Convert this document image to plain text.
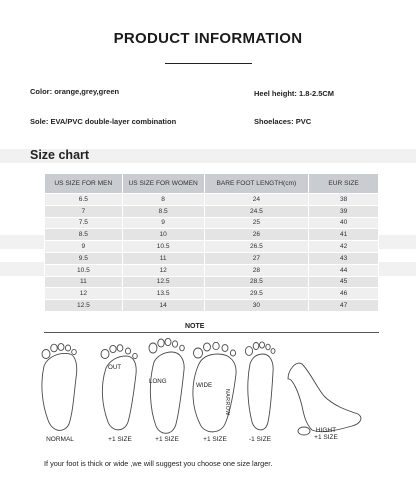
PRODUCT INFORMATION
Color: orange,grey,green	Heel height: 1.8-2.5CM
Sole: EVA/PVC double-layer combination	Shoelaces: PVC
Size chart
US SIZE FOR MEN	US SIZE FOR WOMEN	BARE FOOT LENGTH(cm)	EUR SIZE
6.5	8	24	38
7	8.5	24.5	39
7.5	9	25	40
8.5	10	26	41
9	10.5	26.5	42
9.5	11	27	43
10.5	12	28	44
11	12.5	28.5	45
12	13.5	29.5	46
12.5	14	30	47
NOTE
OUT
LONG
WIDE
NARROW
NORMAL	+1 SIZE	+1 SIZE	+1 SIZE	-1 SIZE
HIGHT
+1 SIZE
If your foot is thick or wide ,we will suggest you choose one size larger.
